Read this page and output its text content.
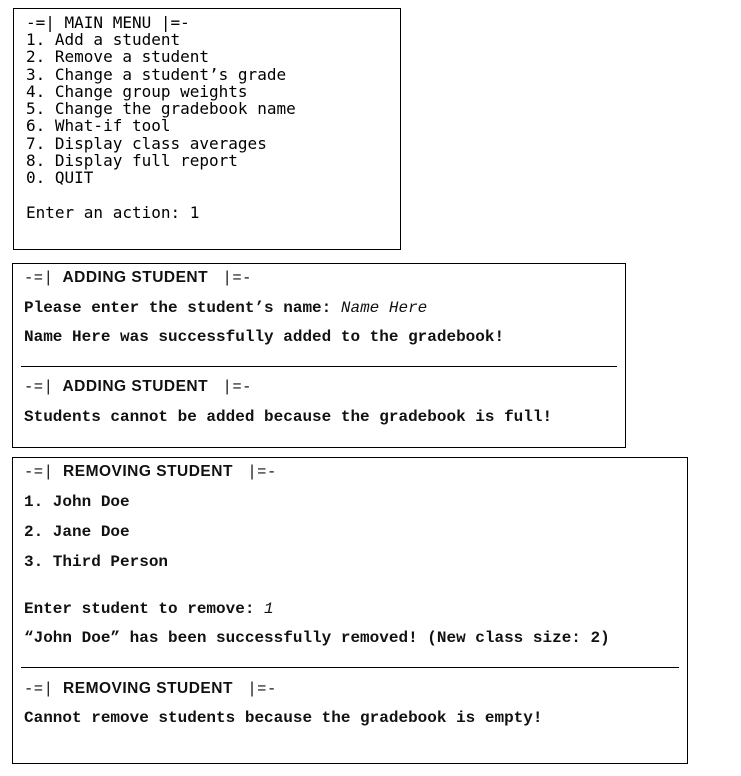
-=| MAIN MENU |=-
1. Add a student
2. Remove a student
3. Change a student’s grade
4. Change group weights
5. Change the gradebook name
6. What-if tool
7. Display class averages
8. Display full report
0. QUIT
Enter an action: 1
-=| ADDING STUDENT |=-
Please enter the student’s name: Name Here
Name Here was successfully added to the gradebook!
-=| ADDING STUDENT |=-
Students cannot be added because the gradebook is full!
-=| REMOVING STUDENT |=-
1. John Doe
2. Jane Doe
3. Third Person
Enter student to remove: 1
“John Doe” has been successfully removed! (New class size: 2)
-=| REMOVING STUDENT |=-
Cannot remove students because the gradebook is empty!
